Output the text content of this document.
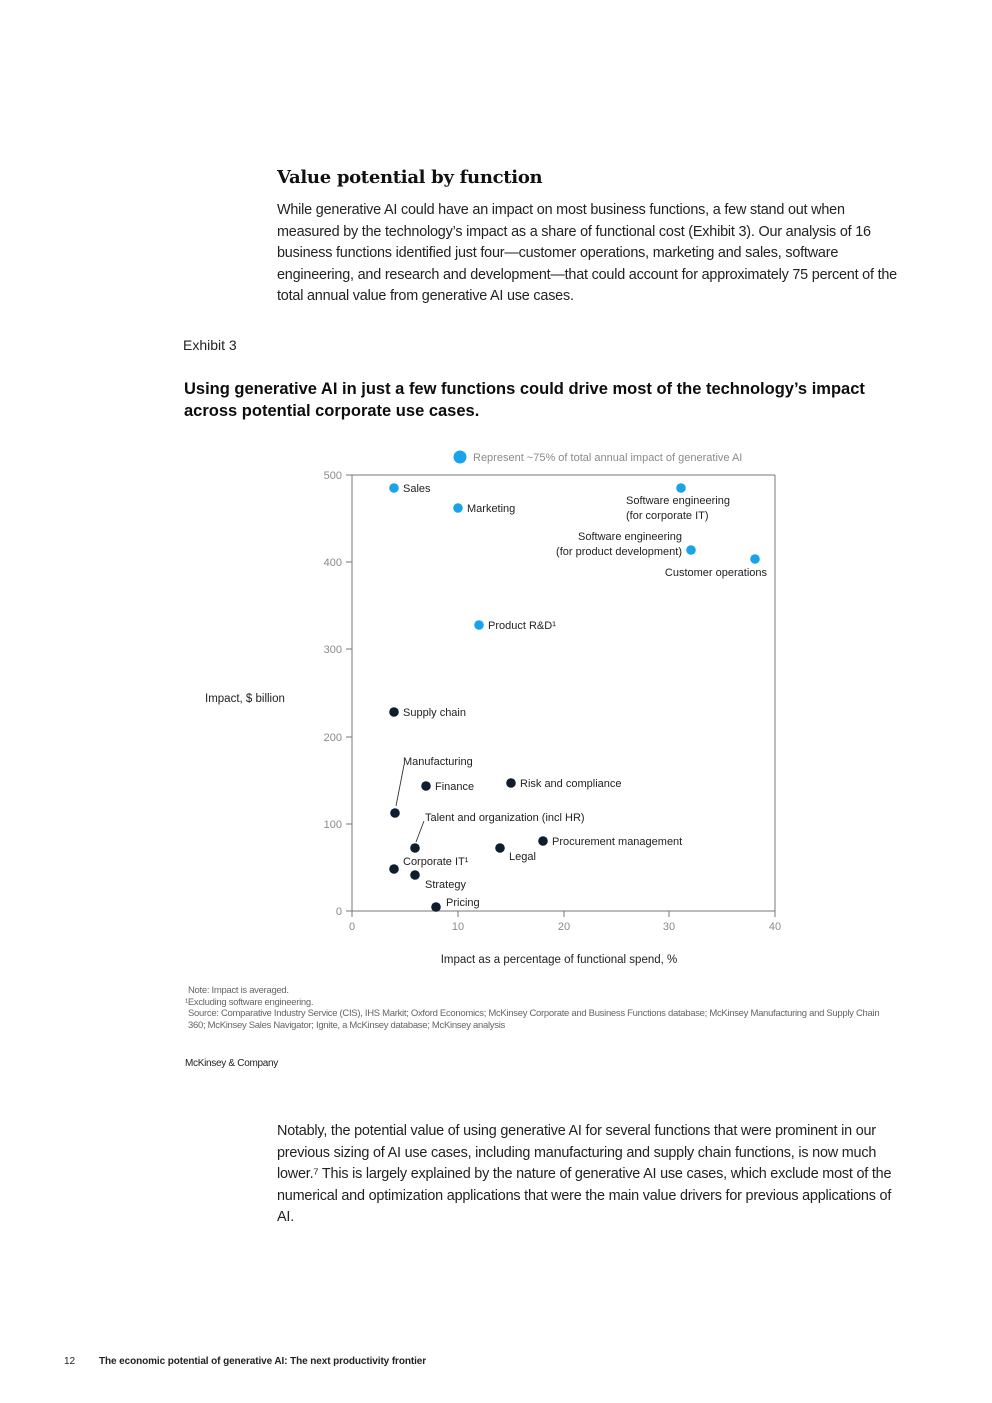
Value potential by function
While generative AI could have an impact on most business functions, a few stand out when measured by the technology’s impact as a share of functional cost (Exhibit 3). Our analysis of 16 business functions identified just four—customer operations, marketing and sales, software engineering, and research and development—that could account for approximately 75 percent of the total annual value from generative AI use cases.
Exhibit 3
Using generative AI in just a few functions could drive most of the technology’s impact across potential corporate use cases.
Represent ~75% of total annual impact of generative AI
500
400
300
200
100
0
0	10	20	30	40
Impact, $ billion
Impact as a percentage of functional spend, %
Sales
Marketing
Software engineering
(for corporate IT)
Software engineering
(for product development)
Customer operations
Product R&D¹
Supply chain
Manufacturing
Finance	Risk and compliance
Talent and organization (incl HR)
Legal
Procurement management
Corporate IT¹
Strategy
Pricing
Note: Impact is averaged.
¹Excluding software engineering.
Source: Comparative Industry Service (CIS), IHS Markit; Oxford Economics; McKinsey Corporate and Business Functions database; McKinsey Manufacturing and Supply Chain 360; McKinsey Sales Navigator; Ignite, a McKinsey database; McKinsey analysis
McKinsey & Company
Notably, the potential value of using generative AI for several functions that were prominent in our previous sizing of AI use cases, including manufacturing and supply chain functions, is now much lower.⁷ This is largely explained by the nature of generative AI use cases, which exclude most of the numerical and optimization applications that were the main value drivers for previous applications of AI.
12 The economic potential of generative AI: The next productivity frontier
